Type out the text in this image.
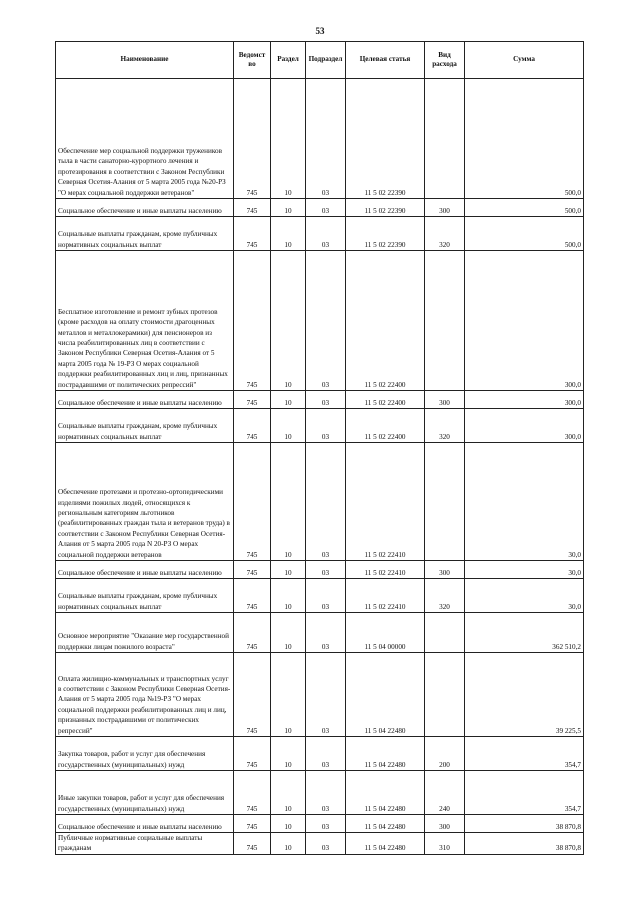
53
Наименование	Ведомст во	Раздел	Подраздел	Целевая статья	Вид расхода	Сумма
Обеспечение мер социальной поддержки тружеников тыла в части санаторно-курортного лечения и протезирования в соответствии с Законом Республики Северная Осетия-Алания от 5 марта 2005 года №20-РЗ "О мерах социальной поддержки ветеранов"	745	10	03	11 5 02 22390		500,0
Социальное обеспечение и иные выплаты населению	745	10	03	11 5 02 22390	300	500,0
Социальные выплаты гражданам, кроме публичных нормативных социальных выплат	745	10	03	11 5 02 22390	320	500,0
Бесплатное изготовление и ремонт зубных протезов (кроме расходов на оплату стоимости драгоценных металлов и металлокерамики) для пенсионеров из числа реабилитированных лиц в соответствии с Законом Республики Северная Осетия-Алания от 5 марта 2005 года № 19-РЗ О мерах социальной поддержки реабилитированных лиц и лиц, признанных пострадавшими от политических репрессий"	745	10	03	11 5 02 22400		300,0
Социальное обеспечение и иные выплаты населению	745	10	03	11 5 02 22400	300	300,0
Социальные выплаты гражданам, кроме публичных нормативных социальных выплат	745	10	03	11 5 02 22400	320	300,0
Обеспечение протезами и протезно-ортопедическими изделиями пожилых людей, относящихся к региональным категориям льготников (реабилитированных граждан тыла и ветеранов труда) в соответствии с Законом Республики Северная Осетия-Алания от 5 марта 2005 года N 20-РЗ О мерах социальной поддержки ветеранов	745	10	03	11 5 02 22410		30,0
Социальное обеспечение и иные выплаты населению	745	10	03	11 5 02 22410	300	30,0
Социальные выплаты гражданам, кроме публичных нормативных социальных выплат	745	10	03	11 5 02 22410	320	30,0
Основное мероприятие "Оказание мер государственной поддержки лицам пожилого возраста"	745	10	03	11 5 04 00000		362 510,2
Оплата жилищно-коммунальных и транспортных услуг в соответствии с Законом Республики Северная Осетия-Алания от 5 марта 2005 года №19-РЗ "О мерах социальной поддержки реабилитированных лиц и лиц, признанных пострадавшими от политических репрессий"	745	10	03	11 5 04 22480		39 225,5
Закупка товаров, работ и услуг для обеспечения государственных (муниципальных) нужд	745	10	03	11 5 04 22480	200	354,7
Иные закупки товаров, работ и услуг для обеспечения государственных (муниципальных) нужд	745	10	03	11 5 04 22480	240	354,7
Социальное обеспечение и иные выплаты населению	745	10	03	11 5 04 22480	300	38 870,8
Публичные нормативные социальные выплаты гражданам	745	10	03	11 5 04 22480	310	38 870,8
